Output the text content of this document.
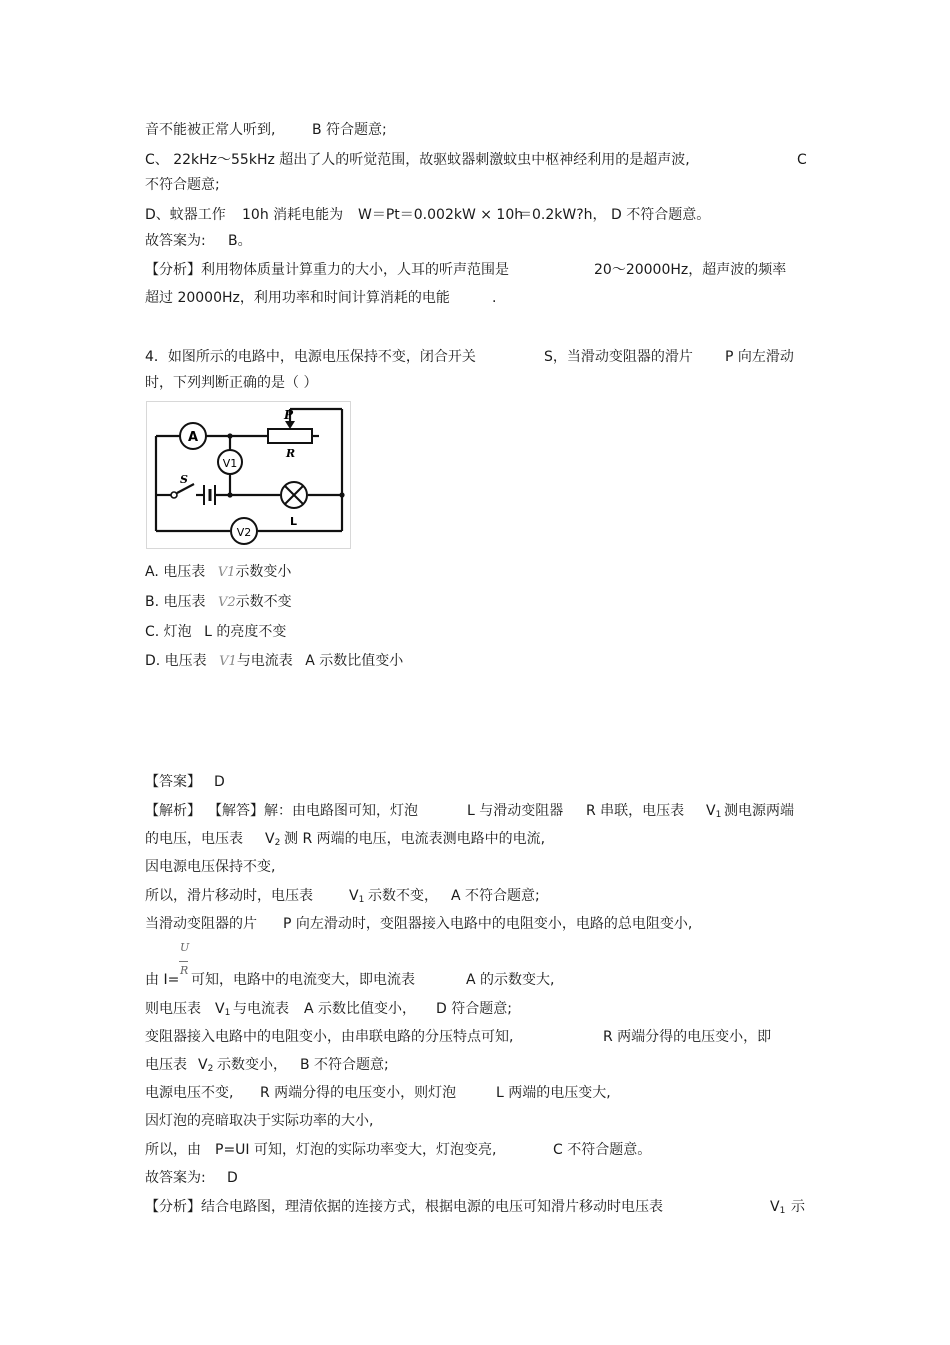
音不能被正常人听到,	B 符合题意;
C、 22kHz～55kHz 超出了人的听觉范围，故驱蚊器刺激蚊虫中枢神经利用的是超声波,	C
不符合题意;
D、蚊器工作 10h 消耗电能为 W＝Pt＝0.002kW × 10h
＝0.2kW?h， D 不符合题意。
故答案为: B。
【分析】利用物体质量计算重力的大小，人耳的听声范围是	20～20000Hz，超声波的频率
超过 20000Hz，利用功率和时间计算消耗的电能	.
4．如图所示的电路中，电源电压保持不变，闭合开关	S，当滑动变阻器的滑片 P 向左滑动
时，下列判断正确的是（ ）
A
P
R
V1
S
L
V2
A. 电压表 V1示数变小
B. 电压表 V2示数不变
C. 灯泡 L 的亮度不变
D. 电压表 V1与电流表 A 示数比值变小
【答案】 D
【解析】 【解答】解：由电路图可知，灯泡	L 与滑动变阻器 R 串联，电压表 $V_1$ 测电源两端
的电压，电压表 $V_2$ 测 R 两端的电压，电流表测电路中的电流,
因电源电压保持不变,
所以，滑片移动时，电压表	$V_1$ 示数不变， A 不符合题意;
当滑动变阻器的片 P 向左滑动时，变阻器接入电路中的电阻变小，电路的总电阻变小,
U
R
由 I= 可知，电路中的电流变大，即电流表	A 的示数变大,
则电压表 $V_1$ 与电流表 A 示数比值变小， D 符合题意;
变阻器接入电路中的电阻变小，由串联电路的分压特点可知,	R 两端分得的电压变小，即
电压表 $V_2$ 示数变小， B 不符合题意;
电源电压不变, R 两端分得的电压变小，则灯泡	L 两端的电压变大,
因灯泡的亮暗取决于实际功率的大小,
所以，由 P=UI 可知，灯泡的实际功率变大，灯泡变亮,	C 不符合题意。
故答案为: D
【分析】结合电路图，理清依据的连接方式，根据电源的电压可知滑片移动时电压表	$V_1$ 示
